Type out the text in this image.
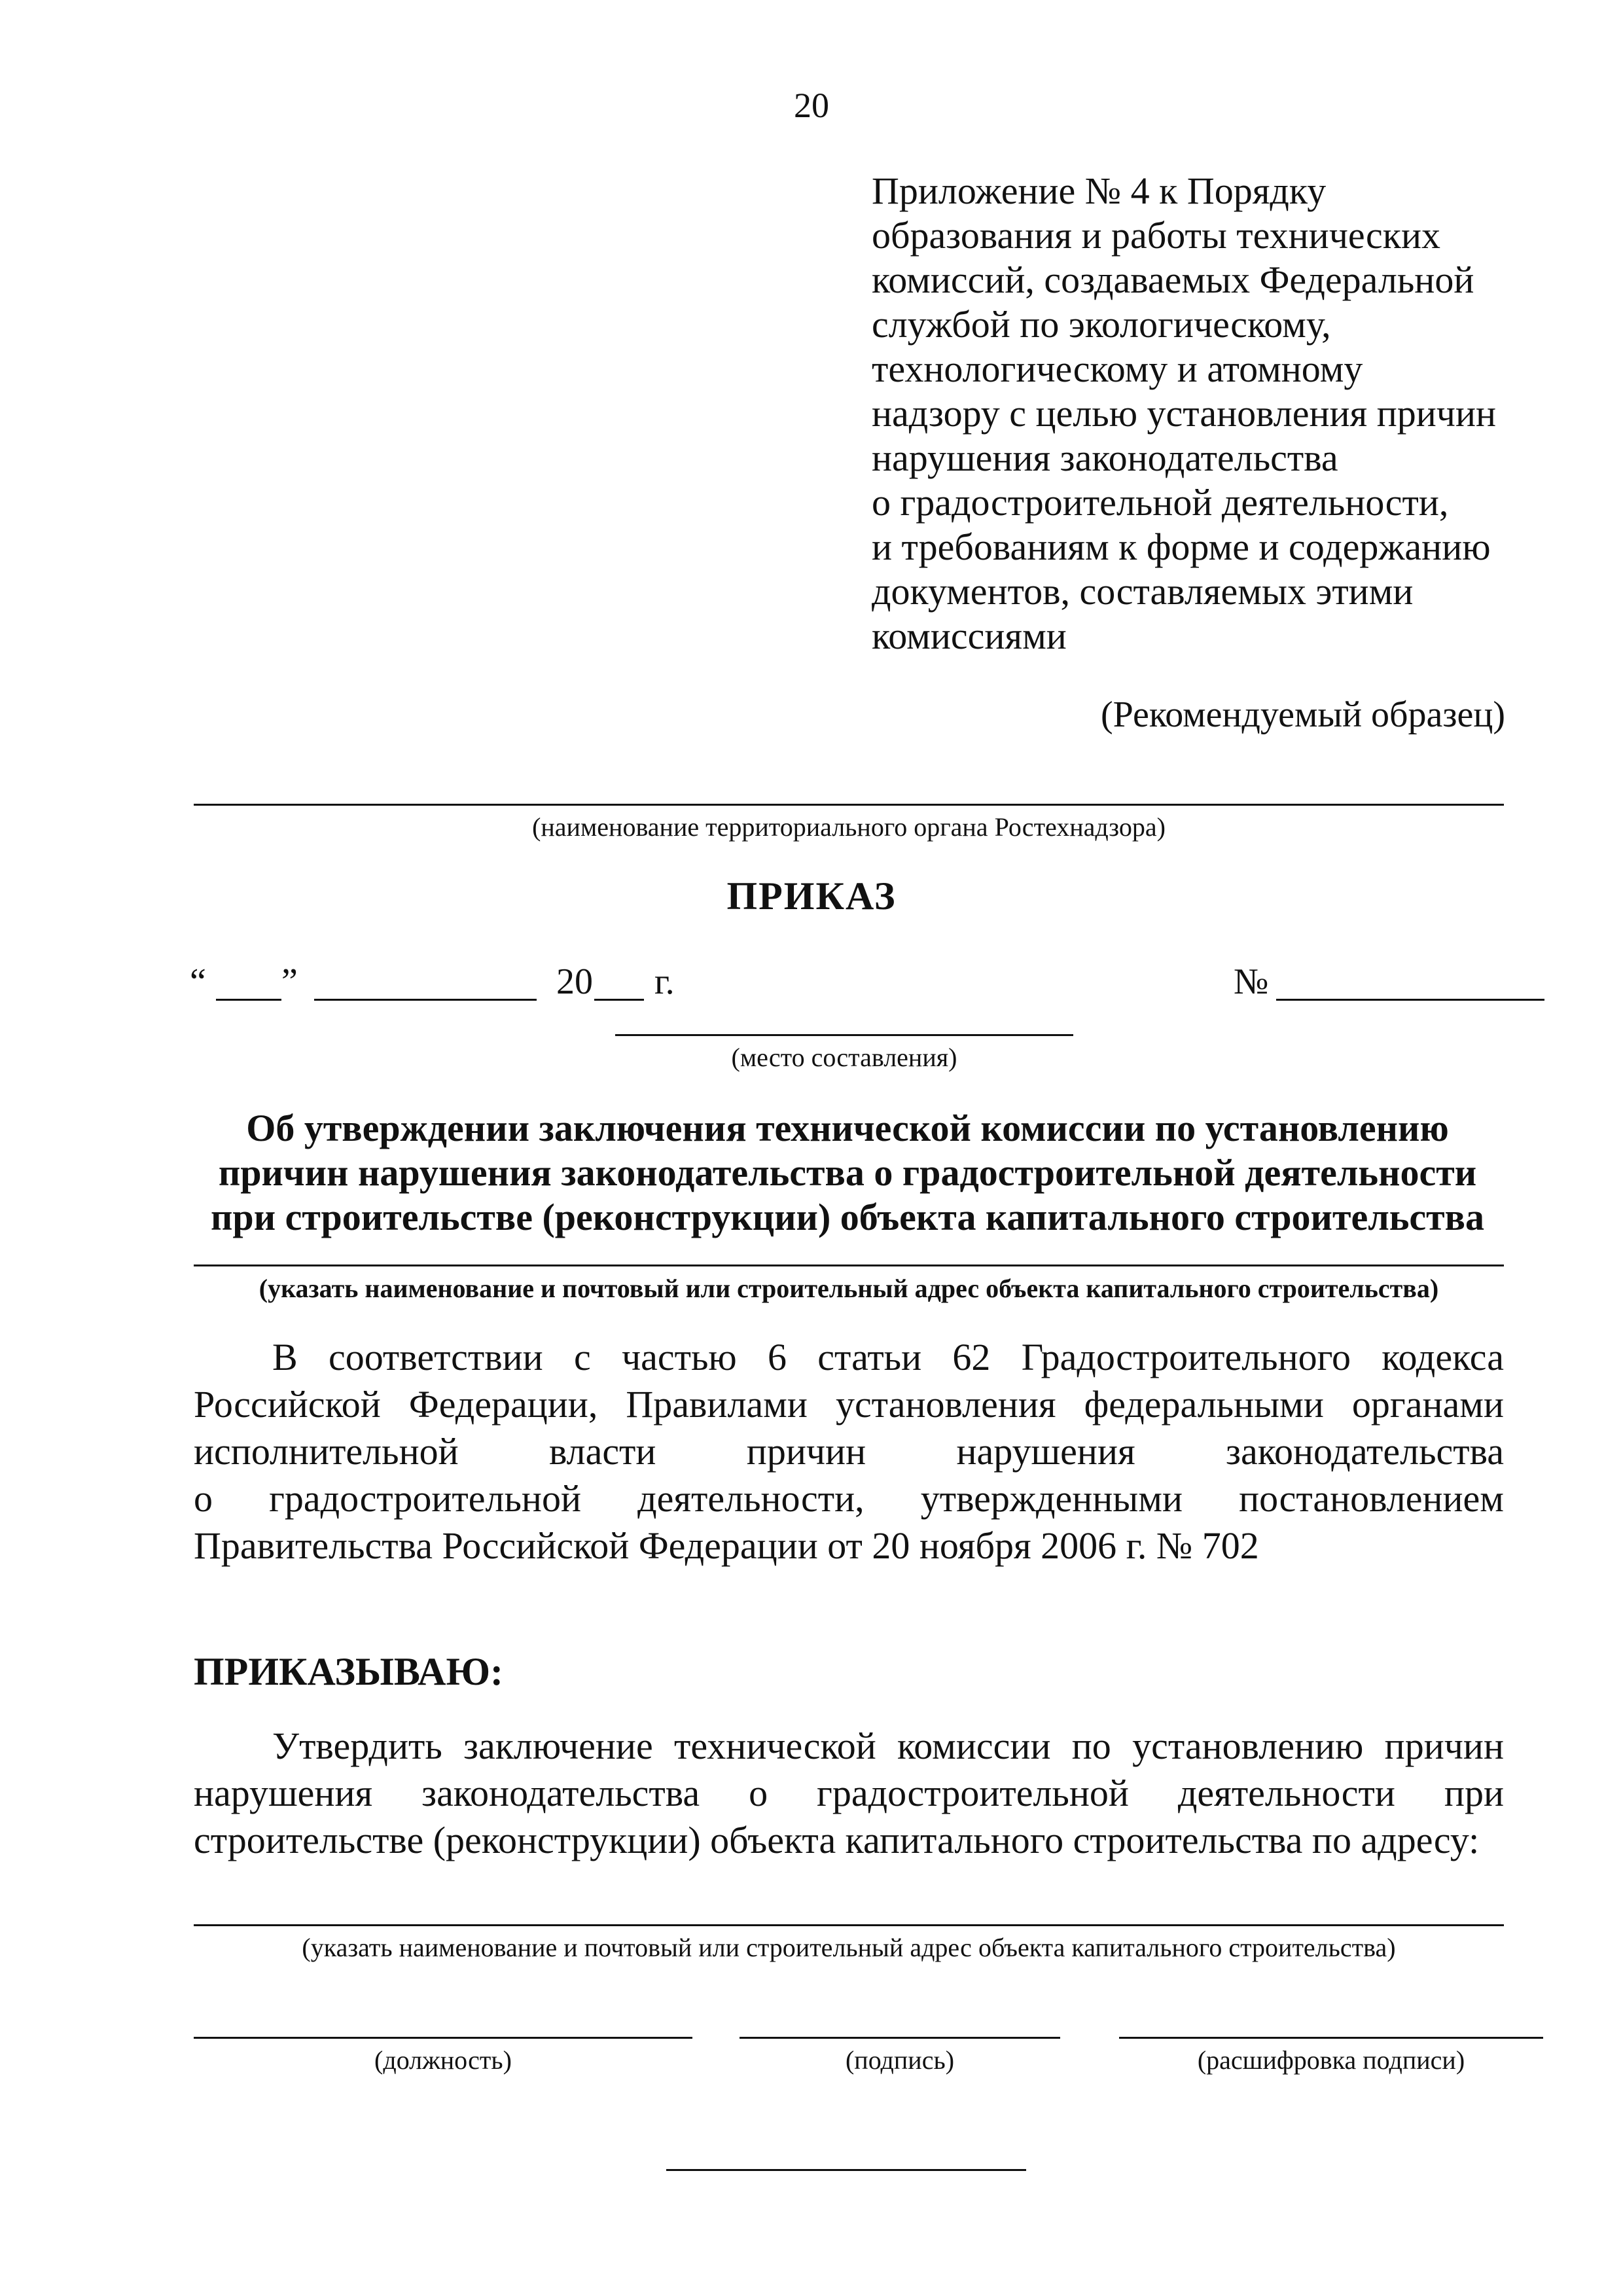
20
Приложение № 4 к Порядку
образования и работы технических
комиссий, создаваемых Федеральной
службой по экологическому,
технологическому и атомному
надзору с целью установления причин
нарушения законодательства
о градостроительной деятельности,
и требованиям к форме и содержанию
документов, составляемых этими
комиссиями
(Рекомендуемый образец)
(наименование территориального органа Ростехнадзора)
ПРИКАЗ
“ ”	20 г.	№
(место составления)
Об утверждении заключения технической комиссии по установлению
причин нарушения законодательства о градостроительной деятельности
при строительстве (реконструкции) объекта капитального строительства
(указать наименование и почтовый или строительный адрес объекта капитального строительства)
В соответствии с частью 6 статьи 62 Градостроительного кодекса
Российской Федерации, Правилами установления федеральными органами
исполнительной власти причин нарушения законодательства
о градостроительной деятельности, утвержденными постановлением
Правительства Российской Федерации от 20 ноября 2006 г. № 702
ПРИКАЗЫВАЮ:
Утвердить заключение технической комиссии по установлению причин
нарушения законодательства о градостроительной деятельности при
строительстве (реконструкции) объекта капитального строительства по адресу:
(указать наименование и почтовый или строительный адрес объекта капитального строительства)
(должность)	(подпись)	(расшифровка подписи)
